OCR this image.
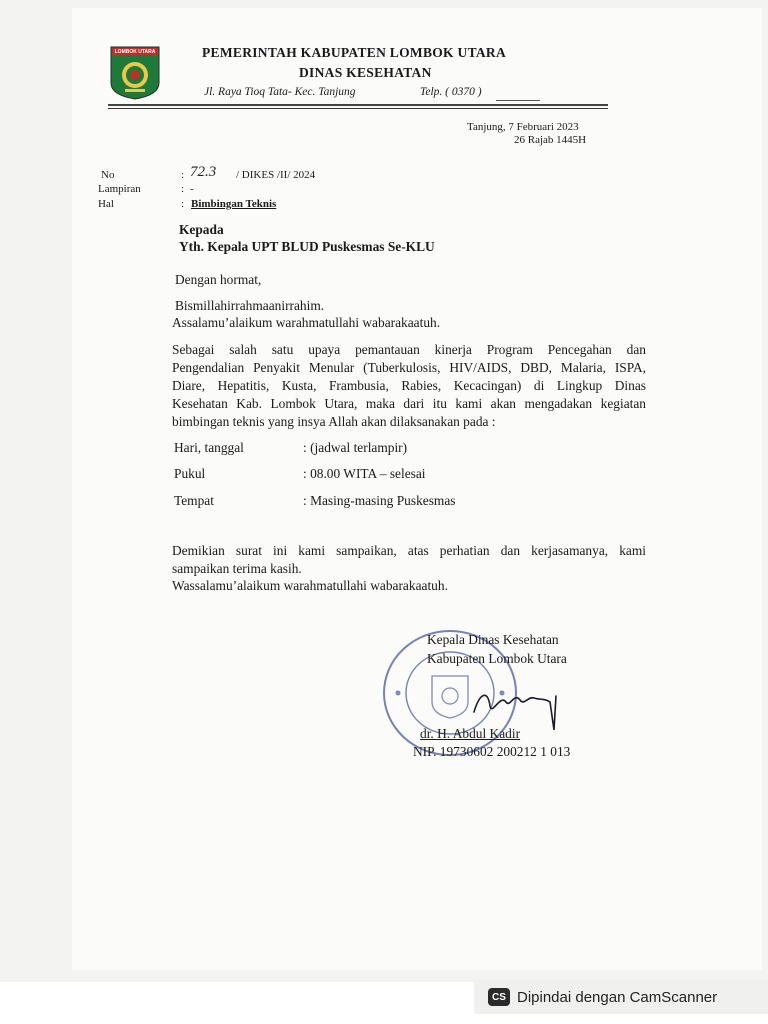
LOMBOK UTARA	PEMERINTAH KABUPATEN LOMBOK UTARA
DINAS KESEHATAN
Jl. Raya Tioq Tata- Kec. Tanjung	Telp. ( 0370 )
Tanjung, 7 Februari 2023
26 Rajab 1445H
No	: 72.3 / DIKES /II/ 2024
Lampiran	: -
Hal	: Bimbingan Teknis
Kepada
Yth. Kepala UPT BLUD Puskesmas Se-KLU
Dengan hormat,
Bismillahirrahmaanirrahim.
Assalamu’alaikum warahmatullahi wabarakaatuh.
Sebagai salah satu upaya pemantauan kinerja Program Pencegahan dan
Pengendalian Penyakit Menular (Tuberkulosis, HIV/AIDS, DBD, Malaria, ISPA,
Diare, Hepatitis, Kusta, Frambusia, Rabies, Kecacingan) di Lingkup Dinas
Kesehatan Kab. Lombok Utara, maka dari itu kami akan mengadakan kegiatan
bimbingan teknis yang insya Allah akan dilaksanakan pada :
Hari, tanggal	: (jadwal terlampir)
Pukul	: 08.00 WITA – selesai
Tempat	: Masing-masing Puskesmas
Demikian surat ini kami sampaikan, atas perhatian dan kerjasamanya, kami
sampaikan terima kasih.
Wassalamu’alaikum warahmatullahi wabarakaatuh.
Kepala Dinas Kesehatan
Kabupaten Lombok Utara
dr. H. Abdul Kadir
NIP. 19730602 200212 1 013
CS Dipindai dengan CamScanner
